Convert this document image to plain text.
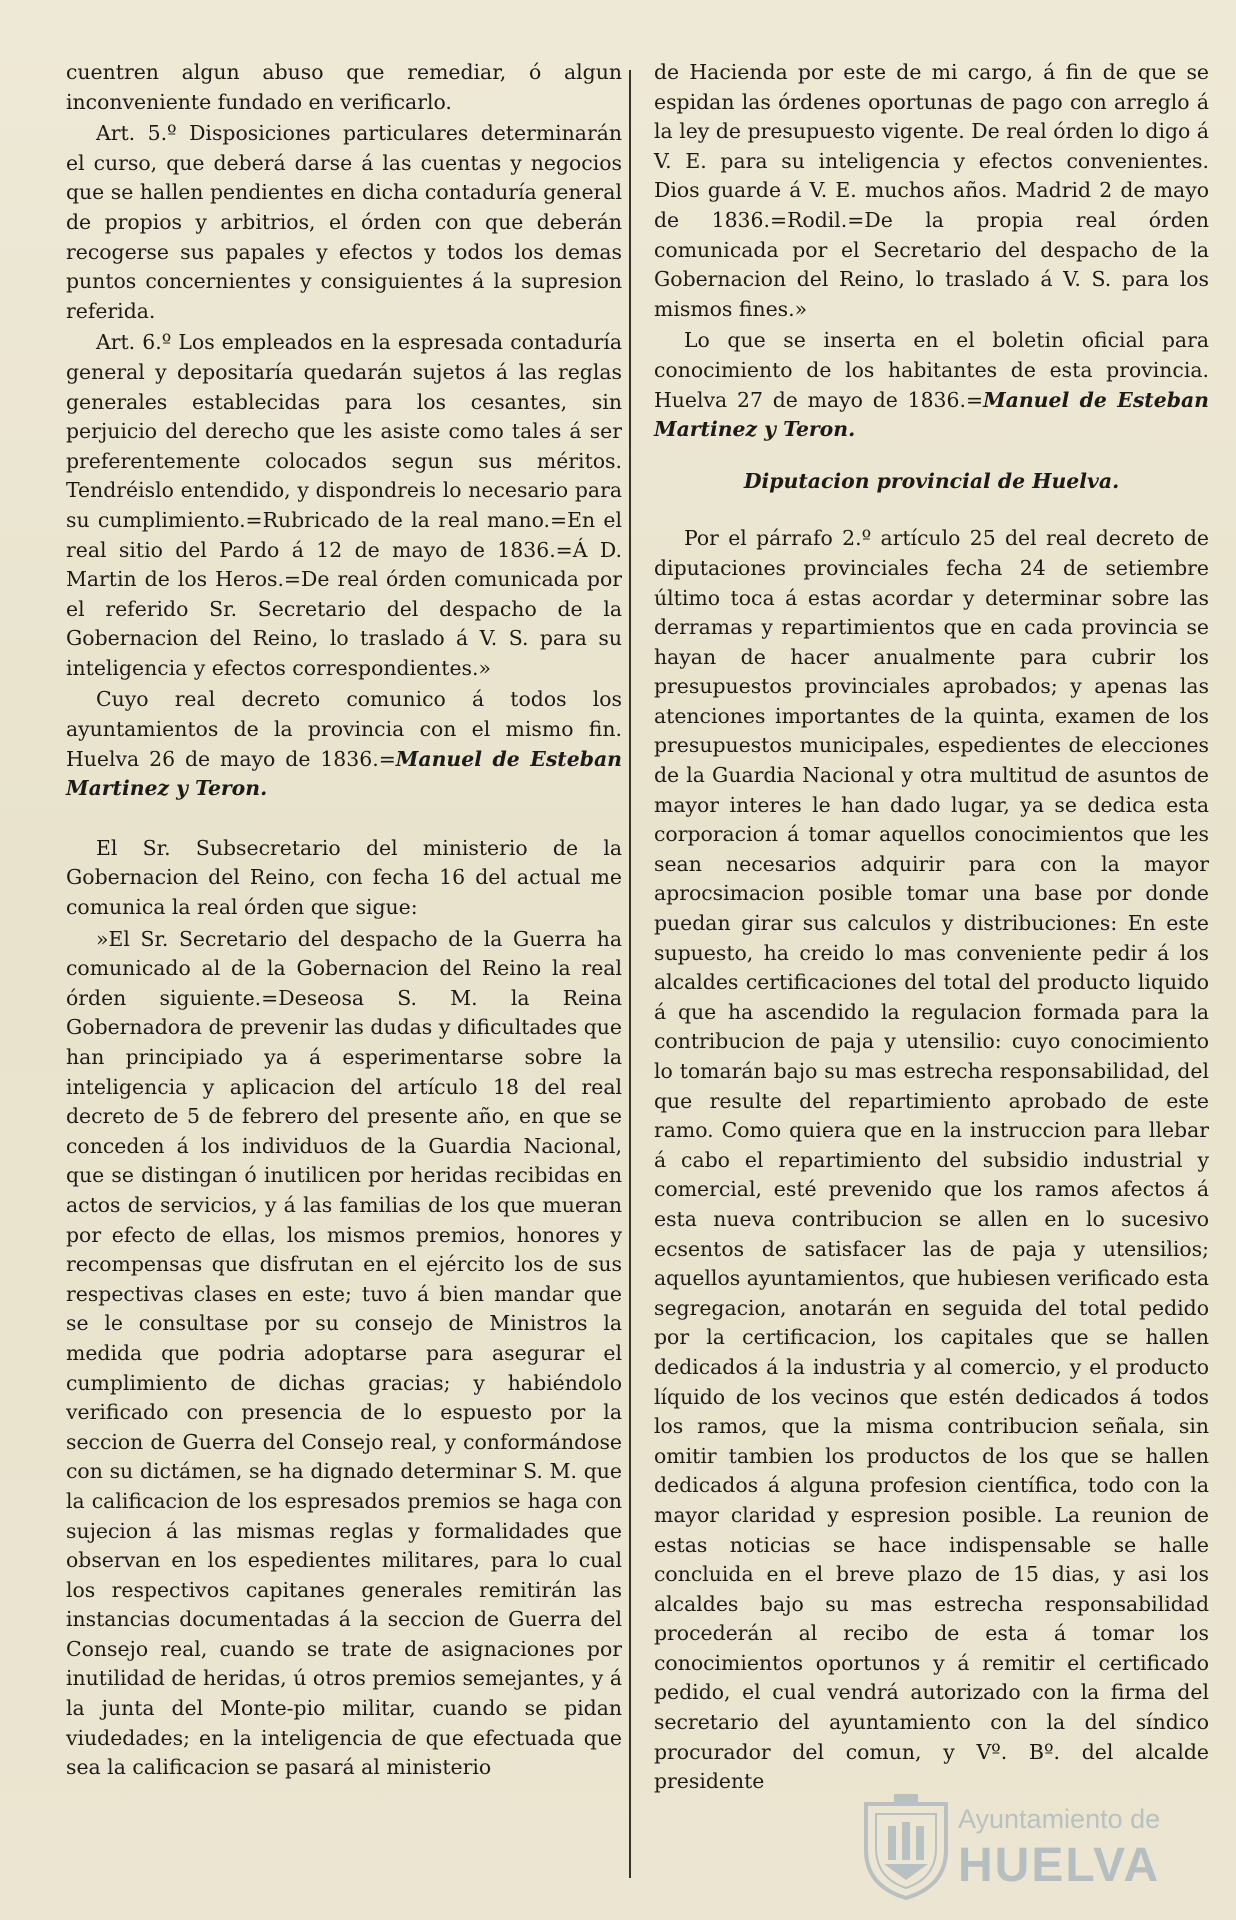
cuentren algun abuso que remediar, ó algun inconveniente fundado en verificarlo.

Art. 5.º Disposiciones particulares determinarán el curso, que deberá darse á las cuentas y negocios que se hallen pendientes en dicha contaduría general de propios y arbitrios, el órden con que deberán recogerse sus papales y efectos y todos los demas puntos concernientes y consiguientes á la supresion referida.

Art. 6.º Los empleados en la espresada contaduría general y depositaría quedarán sujetos á las reglas generales establecidas para los cesantes, sin perjuicio del derecho que les asiste como tales á ser preferentemente colocados segun sus méritos. Tendréislo entendido, y dispondreis lo necesario para su cumplimiento.=Rubricado de la real mano.=En el real sitio del Pardo á 12 de mayo de 1836.=Á D. Martin de los Heros.=De real órden comunicada por el referido Sr. Secretario del despacho de la Gobernacion del Reino, lo traslado á V. S. para su inteligencia y efectos correspondientes.»

Cuyo real decreto comunico á todos los ayuntamientos de la provincia con el mismo fin. Huelva 26 de mayo de 1836.=Manuel de Esteban Martinez y Teron.

El Sr. Subsecretario del ministerio de la Gobernacion del Reino, con fecha 16 del actual me comunica la real órden que sigue:

»El Sr. Secretario del despacho de la Guerra ha comunicado al de la Gobernacion del Reino la real órden siguiente.=Deseosa S. M. la Reina Gobernadora de prevenir las dudas y dificultades que han principiado ya á esperimentarse sobre la inteligencia y aplicacion del artículo 18 del real decreto de 5 de febrero del presente año, en que se conceden á los individuos de la Guardia Nacional, que se distingan ó inutilicen por heridas recibidas en actos de servicios, y á las familias de los que mueran por efecto de ellas, los mismos premios, honores y recompensas que disfrutan en el ejército los de sus respectivas clases en este; tuvo á bien mandar que se le consultase por su consejo de Ministros la medida que podria adoptarse para asegurar el cumplimiento de dichas gracias; y habiéndolo verificado con presencia de lo espuesto por la seccion de Guerra del Consejo real, y conformándose con su dictámen, se ha dignado determinar S. M. que la calificacion de los espresados premios se haga con sujecion á las mismas reglas y formalidades que observan en los espedientes militares, para lo cual los respectivos capitanes generales remitirán las instancias documentadas á la seccion de Guerra del Consejo real, cuando se trate de asignaciones por inutilidad de heridas, ú otros premios semejantes, y á la junta del Monte-pio militar, cuando se pidan viudedades; en la inteligencia de que efectuada que sea la calificacion se pasará al ministerio

de Hacienda por este de mi cargo, á fin de que se espidan las órdenes oportunas de pago con arreglo á la ley de presupuesto vigente. De real órden lo digo á V. E. para su inteligencia y efectos convenientes. Dios guarde á V. E. muchos años. Madrid 2 de mayo de 1836.=Rodil.=De la propia real órden comunicada por el Secretario del despacho de la Gobernacion del Reino, lo traslado á V. S. para los mismos fines.»

Lo que se inserta en el boletin oficial para conocimiento de los habitantes de esta provincia. Huelva 27 de mayo de 1836.=Manuel de Esteban Martinez y Teron.

Diputacion provincial de Huelva.

Por el párrafo 2.º artículo 25 del real decreto de diputaciones provinciales fecha 24 de setiembre último toca á estas acordar y determinar sobre las derramas y repartimientos que en cada provincia se hayan de hacer anualmente para cubrir los presupuestos provinciales aprobados; y apenas las atenciones importantes de la quinta, examen de los presupuestos municipales, espedientes de elecciones de la Guardia Nacional y otra multitud de asuntos de mayor interes le han dado lugar, ya se dedica esta corporacion á tomar aquellos conocimientos que les sean necesarios adquirir para con la mayor aprocsimacion posible tomar una base por donde puedan girar sus calculos y distribuciones: En este supuesto, ha creido lo mas conveniente pedir á los alcaldes certificaciones del total del producto liquido á que ha ascendido la regulacion formada para la contribucion de paja y utensilio: cuyo conocimiento lo tomarán bajo su mas estrecha responsabilidad, del que resulte del repartimiento aprobado de este ramo. Como quiera que en la instruccion para llebar á cabo el repartimiento del subsidio industrial y comercial, esté prevenido que los ramos afectos á esta nueva contribucion se allen en lo sucesivo ecsentos de satisfacer las de paja y utensilios; aquellos ayuntamientos, que hubiesen verificado esta segregacion, anotarán en seguida del total pedido por la certificacion, los capitales que se hallen dedicados á la industria y al comercio, y el producto líquido de los vecinos que estén dedicados á todos los ramos, que la misma contribucion señala, sin omitir tambien los productos de los que se hallen dedicados á alguna profesion científica, todo con la mayor claridad y espresion posible. La reunion de estas noticias se hace indispensable se halle concluida en el breve plazo de 15 dias, y asi los alcaldes bajo su mas estrecha responsabilidad procederán al recibo de esta á tomar los conocimientos oportunos y á remitir el certificado pedido, el cual vendrá autorizado con la firma del secretario del ayuntamiento con la del síndico procurador del comun, y Vº. Bº. del alcalde presidente

Ayuntamiento de
HUELVA
